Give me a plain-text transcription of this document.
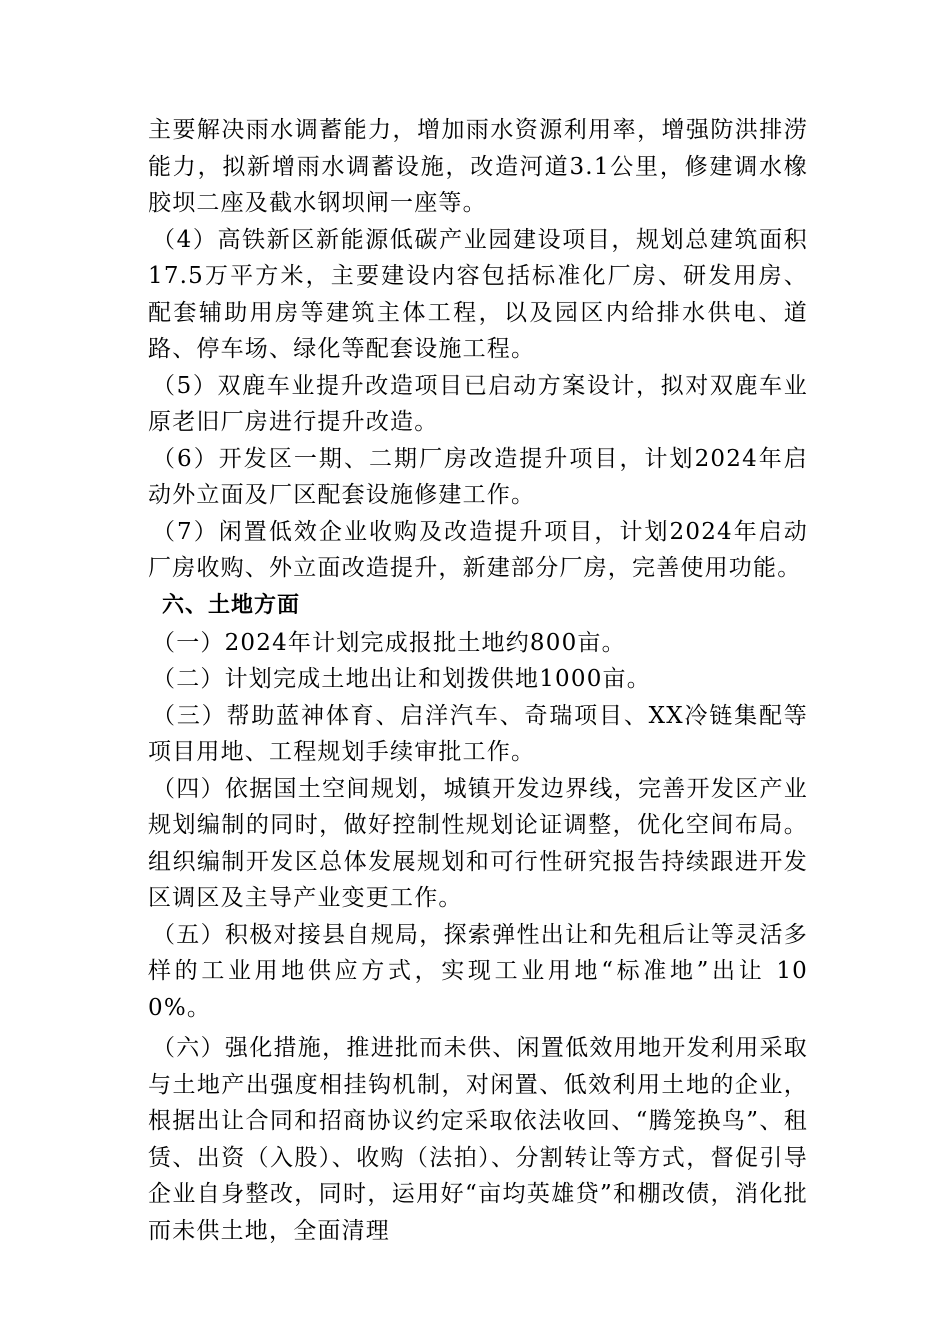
主要解决雨水调蓄能力，增加雨水资源利用率，增强防洪排涝能力，拟新增雨水调蓄设施，改造河道3.1公里，修建调水橡胶坝二座及截水钢坝闸一座等。

（4）高铁新区新能源低碳产业园建设项目，规划总建筑面积 17.5万平方米，主要建设内容包括标准化厂房、研发用房、配套辅助用房等建筑主体工程，以及园区内给排水供电、道路、停车场、绿化等配套设施工程。

（5）双鹿车业提升改造项目已启动方案设计，拟对双鹿车业原老旧厂房进行提升改造。

（6）开发区一期、二期厂房改造提升项目，计划2024年启动外立面及厂区配套设施修建工作。

（7）闲置低效企业收购及改造提升项目，计划2024年启动厂房收购、外立面改造提升，新建部分厂房，完善使用功能。

六、土地方面

（一）2024年计划完成报批土地约800亩。

（二）计划完成土地出让和划拨供地1000亩。

（三）帮助蓝神体育、启洋汽车、奇瑞项目、XX冷链集配等项目用地、工程规划手续审批工作。

（四）依据国土空间规划，城镇开发边界线，完善开发区产业规划编制的同时，做好控制性规划论证调整，优化空间布局。组织编制开发区总体发展规划和可行性研究报告持续跟进开发区调区及主导产业变更工作。

（五）积极对接县自规局，探索弹性出让和先租后让等灵活多样的工业用地供应方式，实现工业用地“标准地”出让 100%。

（六）强化措施，推进批而未供、闲置低效用地开发利用采取与土地产出强度相挂钩机制，对闲置、低效利用土地的企业，根据出让合同和招商协议约定采取依法收回、“腾笼换鸟”、租赁、出资（入股）、收购（法拍）、分割转让等方式，督促引导企业自身整改，同时，运用好“亩均英雄贷”和棚改债，消化批而未供土地，全面清理
